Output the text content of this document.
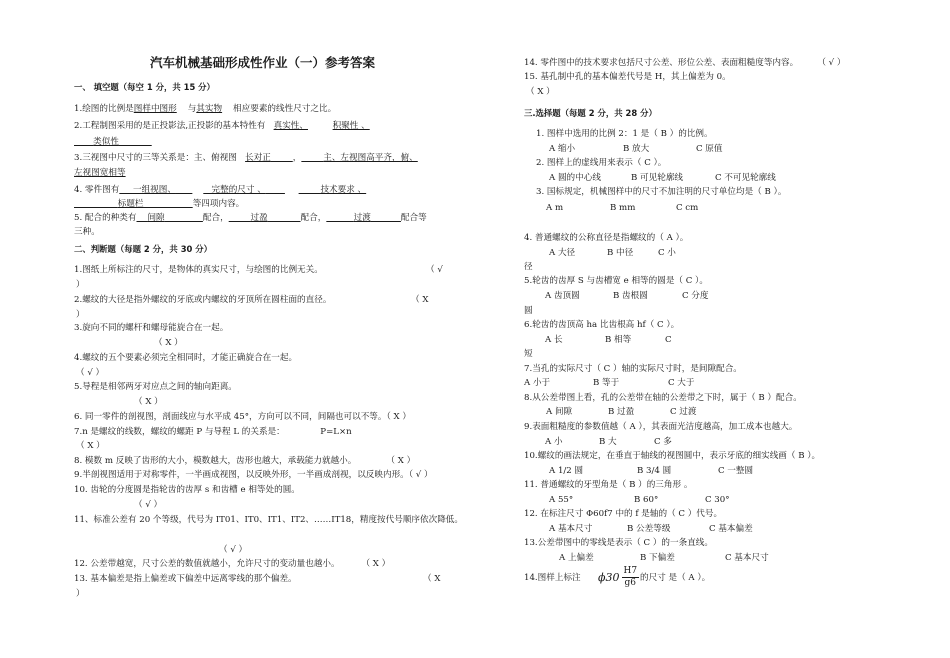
汽车机械基础形成性作业（一）参考答案
一、 填空题（每空 1 分，共 15 分）
1.绘图的比例是图样中图形 与其实物 相应要素的线性尺寸之比。
2.工程制图采用的是正投影法,正投影的基本特性有 真实性、	积聚性 、
类似性
3.三视图中尺寸的三等关系是：主、俯视图 长对正	，	主、左视图高平齐，俯、
左视图宽相等
4. 零件图有 一组视图、	完整的尺寸 、	技术要求 、
标题栏	等四项内容。
5. 配合的种类有 间隙	配合，	过盈	配合，	过渡	配合等
三种。
二、判断题（每题 2 分，共 30 分）
1.图纸上所标注的尺寸，是物体的真实尺寸，与绘图的比例无关。	（ √
）
2.螺纹的大径是指外螺纹的牙底或内螺纹的牙顶所在圆柱面的直径。	（ X
）
3.旋向不同的螺杆和螺母能旋合在一起。
（ X ）
4.螺纹的五个要素必须完全相同时，才能正确旋合在一起。
（ √ ）
5.导程是相邻两牙对应点之间的轴向距离。
（ X ）
6. 同一零件的剖视图，剖面线应与水平成 45°，方向可以不同，间隔也可以不等。（ X ）
7.n 是螺纹的线数，螺纹的螺距 P 与导程 L 的关系是：	P=L×n
（ X ）
8. 模数 m 反映了齿形的大小，模数越大，齿形也越大，承载能力就越小。	（ X ）
9.半剖视图适用于对称零件，一半画成视图，以反映外形，一半画成剖视，以反映内形。（ √ ）
10. 齿轮的分度圆是指轮齿的齿厚 s 和齿槽 e 相等处的圆。
（ √ ）
11、标准公差有 20 个等级，代号为 IT01、IT0、IT1、IT2、……IT18，精度按代号顺序依次降低。
（ √ ）
12. 公差带越宽，尺寸公差的数值就越小，允许尺寸的变动量也越小。	（ X ）
13. 基本偏差是指上偏差或下偏差中远离零线的那个偏差。	（ X
）
14. 零件图中的技术要求包括尺寸公差、形位公差、表面粗糙度等内容。 （ √ ）
15. 基孔制中孔的基本偏差代号是 H，其上偏差为 0。
（ X ）
三.选择题（每题 2 分，共 28 分）
1. 图样中选用的比例 2：1 是（ B ）的比例。
A 缩小	B 放大	C 原值
2. 图样上的虚线用来表示（ C ）。
A 圆的中心线	B 可见轮廓线	C 不可见轮廓线
3. 国标规定，机械图样中的尺寸不加注明的尺寸单位均是（ B ）。
A m	B mm	C cm
4. 普通螺纹的公称直径是指螺纹的（ A ）。
A 大径	B 中径	C 小
径
5.轮齿的齿厚 S 与齿槽宽 e 相等的圆是（ C ）。
A 齿顶圆	B 齿根圆	C 分度
圆
6.轮齿的齿顶高 ha 比齿根高 hf（ C ）。
A 长	B 相等	C
短
7.当孔的实际尺寸（ C ）轴的实际尺寸时，是间隙配合。
A 小于	B 等于	C 大于
8.从公差带图上看，孔的公差带在轴的公差带之下时，属于（ B ）配合。
A 间隙	B 过盈	C 过渡
9.表面粗糙度的参数值越（ A ），其表面光洁度越高，加工成本也越大。
A 小	B 大	C 多
10.螺纹的画法规定，在垂直于轴线的视图圆中，表示牙底的细实线画（ B ）。
A 1/2 圆	B 3/4 圆	C 一整圆
11. 普通螺纹的牙型角是（ B ）的三角形 。
A 55°	B 60°	C 30°
12. 在标注尺寸 Φ60f7 中的 f 是轴的（ C ）代号。
A 基本尺寸	B 公差等级	C 基本偏差
13.公差带图中的零线是表示（ C ）的一条直线。
A 上偏差	B 下偏差	C 基本尺寸
14.图样上标注 $\phi 30 \frac{H7}{g6}$ 的尺寸 是（ A ）。
